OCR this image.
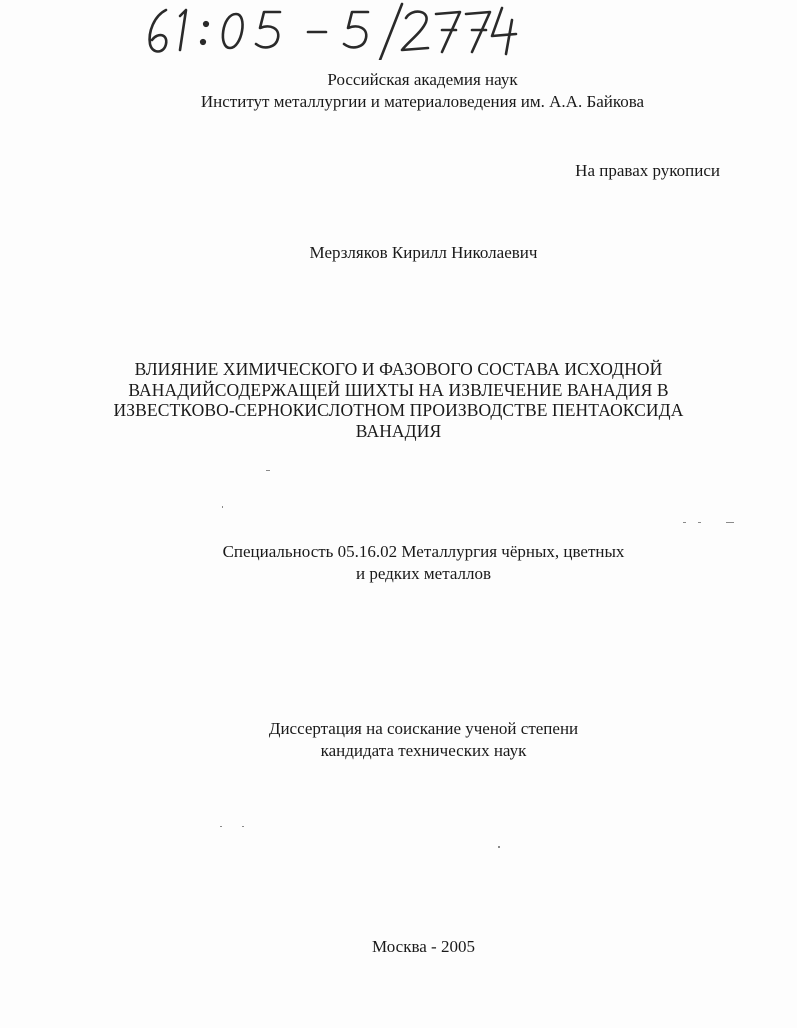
Российская академия наук
Институт металлургии и материаловедения им. А.А. Байкова
На правах рукописи
Мерзляков Кирилл Николаевич
ВЛИЯНИЕ ХИМИЧЕСКОГО И ФАЗОВОГО СОСТАВА ИСХОДНОЙ
ВАНАДИЙСОДЕРЖАЩЕЙ ШИХТЫ НА ИЗВЛЕЧЕНИЕ ВАНАДИЯ В
ИЗВЕСТКОВО-СЕРНОКИСЛОТНОМ ПРОИЗВОДСТВЕ ПЕНТАОКСИДА
ВАНАДИЯ
Специальность 05.16.02 Металлургия чёрных, цветных
и редких металлов
Диссертация на соискание ученой степени
кандидата технических наук
Москва - 2005
